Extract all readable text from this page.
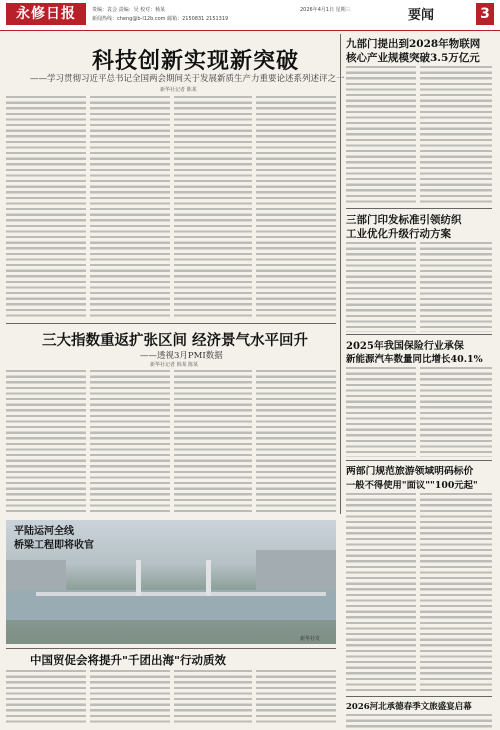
永修日报	贵编：袁会 责编：吴 校对：杨某
新闻热线：cheng@b-l12b.com 邮箱：2150831 2151319
2026年4月1日 星期三	要闻	3
科技创新实现新突破
——学习贯彻习近平总书记全国两会期间关于发展新质生产力重要论述系列述评之一
新华社记者 陈某
九部门提出到2028年物联网
核心产业规模突破3.5万亿元
三部门印发标准引领纺织
工业优化升级行动方案
2025年我国保险行业承保
新能源汽车数量同比增长40.1%
两部门规范旅游领域明码标价
一般不得使用"面议""100元起"
三大指数重返扩张区间 经济景气水平回升
——透视3月PMI数据
新华社记者 韩某 陈某
平陆运河全线
桥梁工程即将收官
中国贸促会将提升"千团出海"行动质效
2026河北承德春季文旅盛宴启幕
新华社发
